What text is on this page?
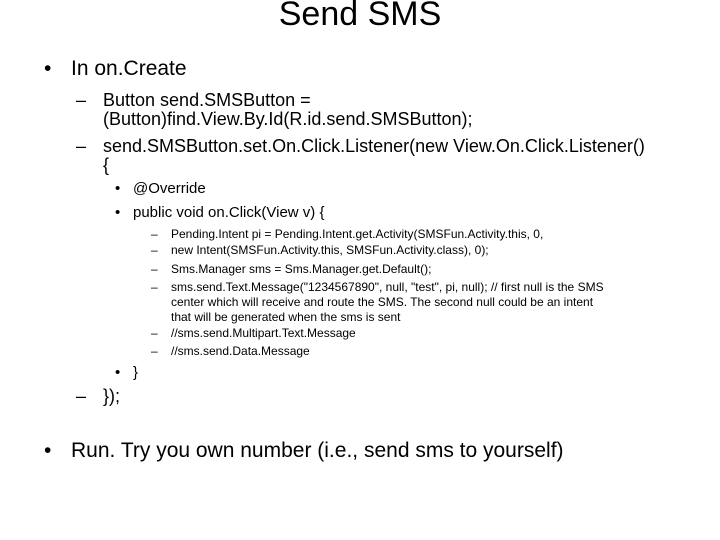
Send SMS
• In on.Create
– Button send.SMSButton =
(Button)find.View.By.Id(R.id.send.SMSButton);
– send.SMSButton.set.On.Click.Listener(new View.On.Click.Listener()
{
• @Override
• public void on.Click(View v) {
– Pending.Intent pi = Pending.Intent.get.Activity(SMSFun.Activity.this, 0,
– new Intent(SMSFun.Activity.this, SMSFun.Activity.class), 0);
– Sms.Manager sms = Sms.Manager.get.Default();
– sms.send.Text.Message("1234567890", null, "test", pi, null); // first null is the SMS
center which will receive and route the SMS. The second null could be an intent
that will be generated when the sms is sent
– //sms.send.Multipart.Text.Message
– //sms.send.Data.Message
• }
– });
• Run. Try you own number (i.e., send sms to yourself)
